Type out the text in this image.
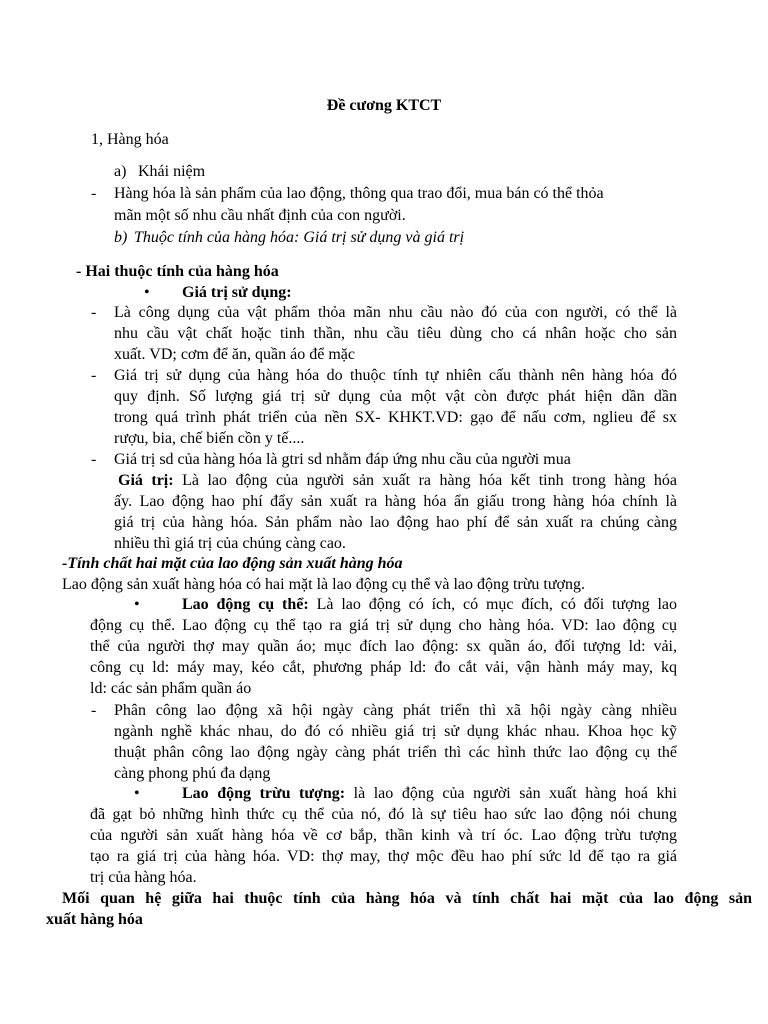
Đề cương KTCT
1, Hàng hóa
a) Khái niệm
- Hàng hóa là sản phẩm của lao động, thông qua trao đổi, mua bán có thể thỏa
mãn một số nhu cầu nhất định của con người.
b) Thuộc tính của hàng hóa: Giá trị sử dụng và giá trị
- Hai thuộc tính của hàng hóa
• Giá trị sử dụng:
- Là công dụng của vật phẩm thỏa mãn nhu cầu nào đó của con người, có thể là
nhu cầu vật chất hoặc tinh thần, nhu cầu tiêu dùng cho cá nhân hoặc cho sản
xuất. VD; cơm để ăn, quần áo để mặc
- Giá trị sử dụng của hàng hóa do thuộc tính tự nhiên cấu thành nên hàng hóa đó
quy định. Số lượng giá trị sử dụng của một vật còn được phát hiện dần dần
trong quá trình phát triển của nền SX- KHKT.VD: gạo để nấu cơm, nglieu để sx
rượu, bia, chế biến cồn y tế....
- Giá trị sd của hàng hóa là gtri sd nhằm đáp ứng nhu cầu của người mua
Giá trị: Là lao động của người sản xuất ra hàng hóa kết tinh trong hàng hóa
ấy. Lao động hao phí đẩy sản xuất ra hàng hóa ẩn giấu trong hàng hóa chính là
giá trị của hàng hóa. Sản phẩm nào lao động hao phí để sản xuất ra chúng càng
nhiều thì giá trị của chúng càng cao.
-Tính chất hai mặt của lao động sản xuất hàng hóa
Lao động sản xuất hàng hóa có hai mặt là lao động cụ thể và lao động trừu tượng.
•	Lao động cụ thể: Là lao động có ích, có mục đích, có đối tượng lao
động cụ thể. Lao động cụ thể tạo ra giá trị sử dụng cho hàng hóa. VD: lao động cụ
thể của người thợ may quần áo; mục đích lao động: sx quần áo, đối tượng ld: vải,
công cụ ld: máy may, kéo cắt, phương pháp ld: đo cắt vải, vận hành máy may, kq
ld: các sản phẩm quần áo
- Phân công lao động xã hội ngày càng phát triển thì xã hội ngày càng nhiều
ngành nghề khác nhau, do đó có nhiều giá trị sử dụng khác nhau. Khoa học kỹ
thuật phân công lao động ngày càng phát triển thì các hình thức lao động cụ thể
càng phong phú đa dạng
•	Lao động trừu tượng: là lao động của người sản xuất hàng hoá khi
đã gạt bỏ những hình thức cụ thể của nó, đó là sự tiêu hao sức lao động nói chung
của người sản xuất hàng hóa về cơ bắp, thần kinh và trí óc. Lao động trừu tượng
tạo ra giá trị của hàng hóa. VD: thợ may, thợ mộc đều hao phí sức ld để tạo ra giá
trị của hàng hóa.
Mối quan hệ giữa hai thuộc tính của hàng hóa và tính chất hai mặt của lao động sản
xuất hàng hóa
